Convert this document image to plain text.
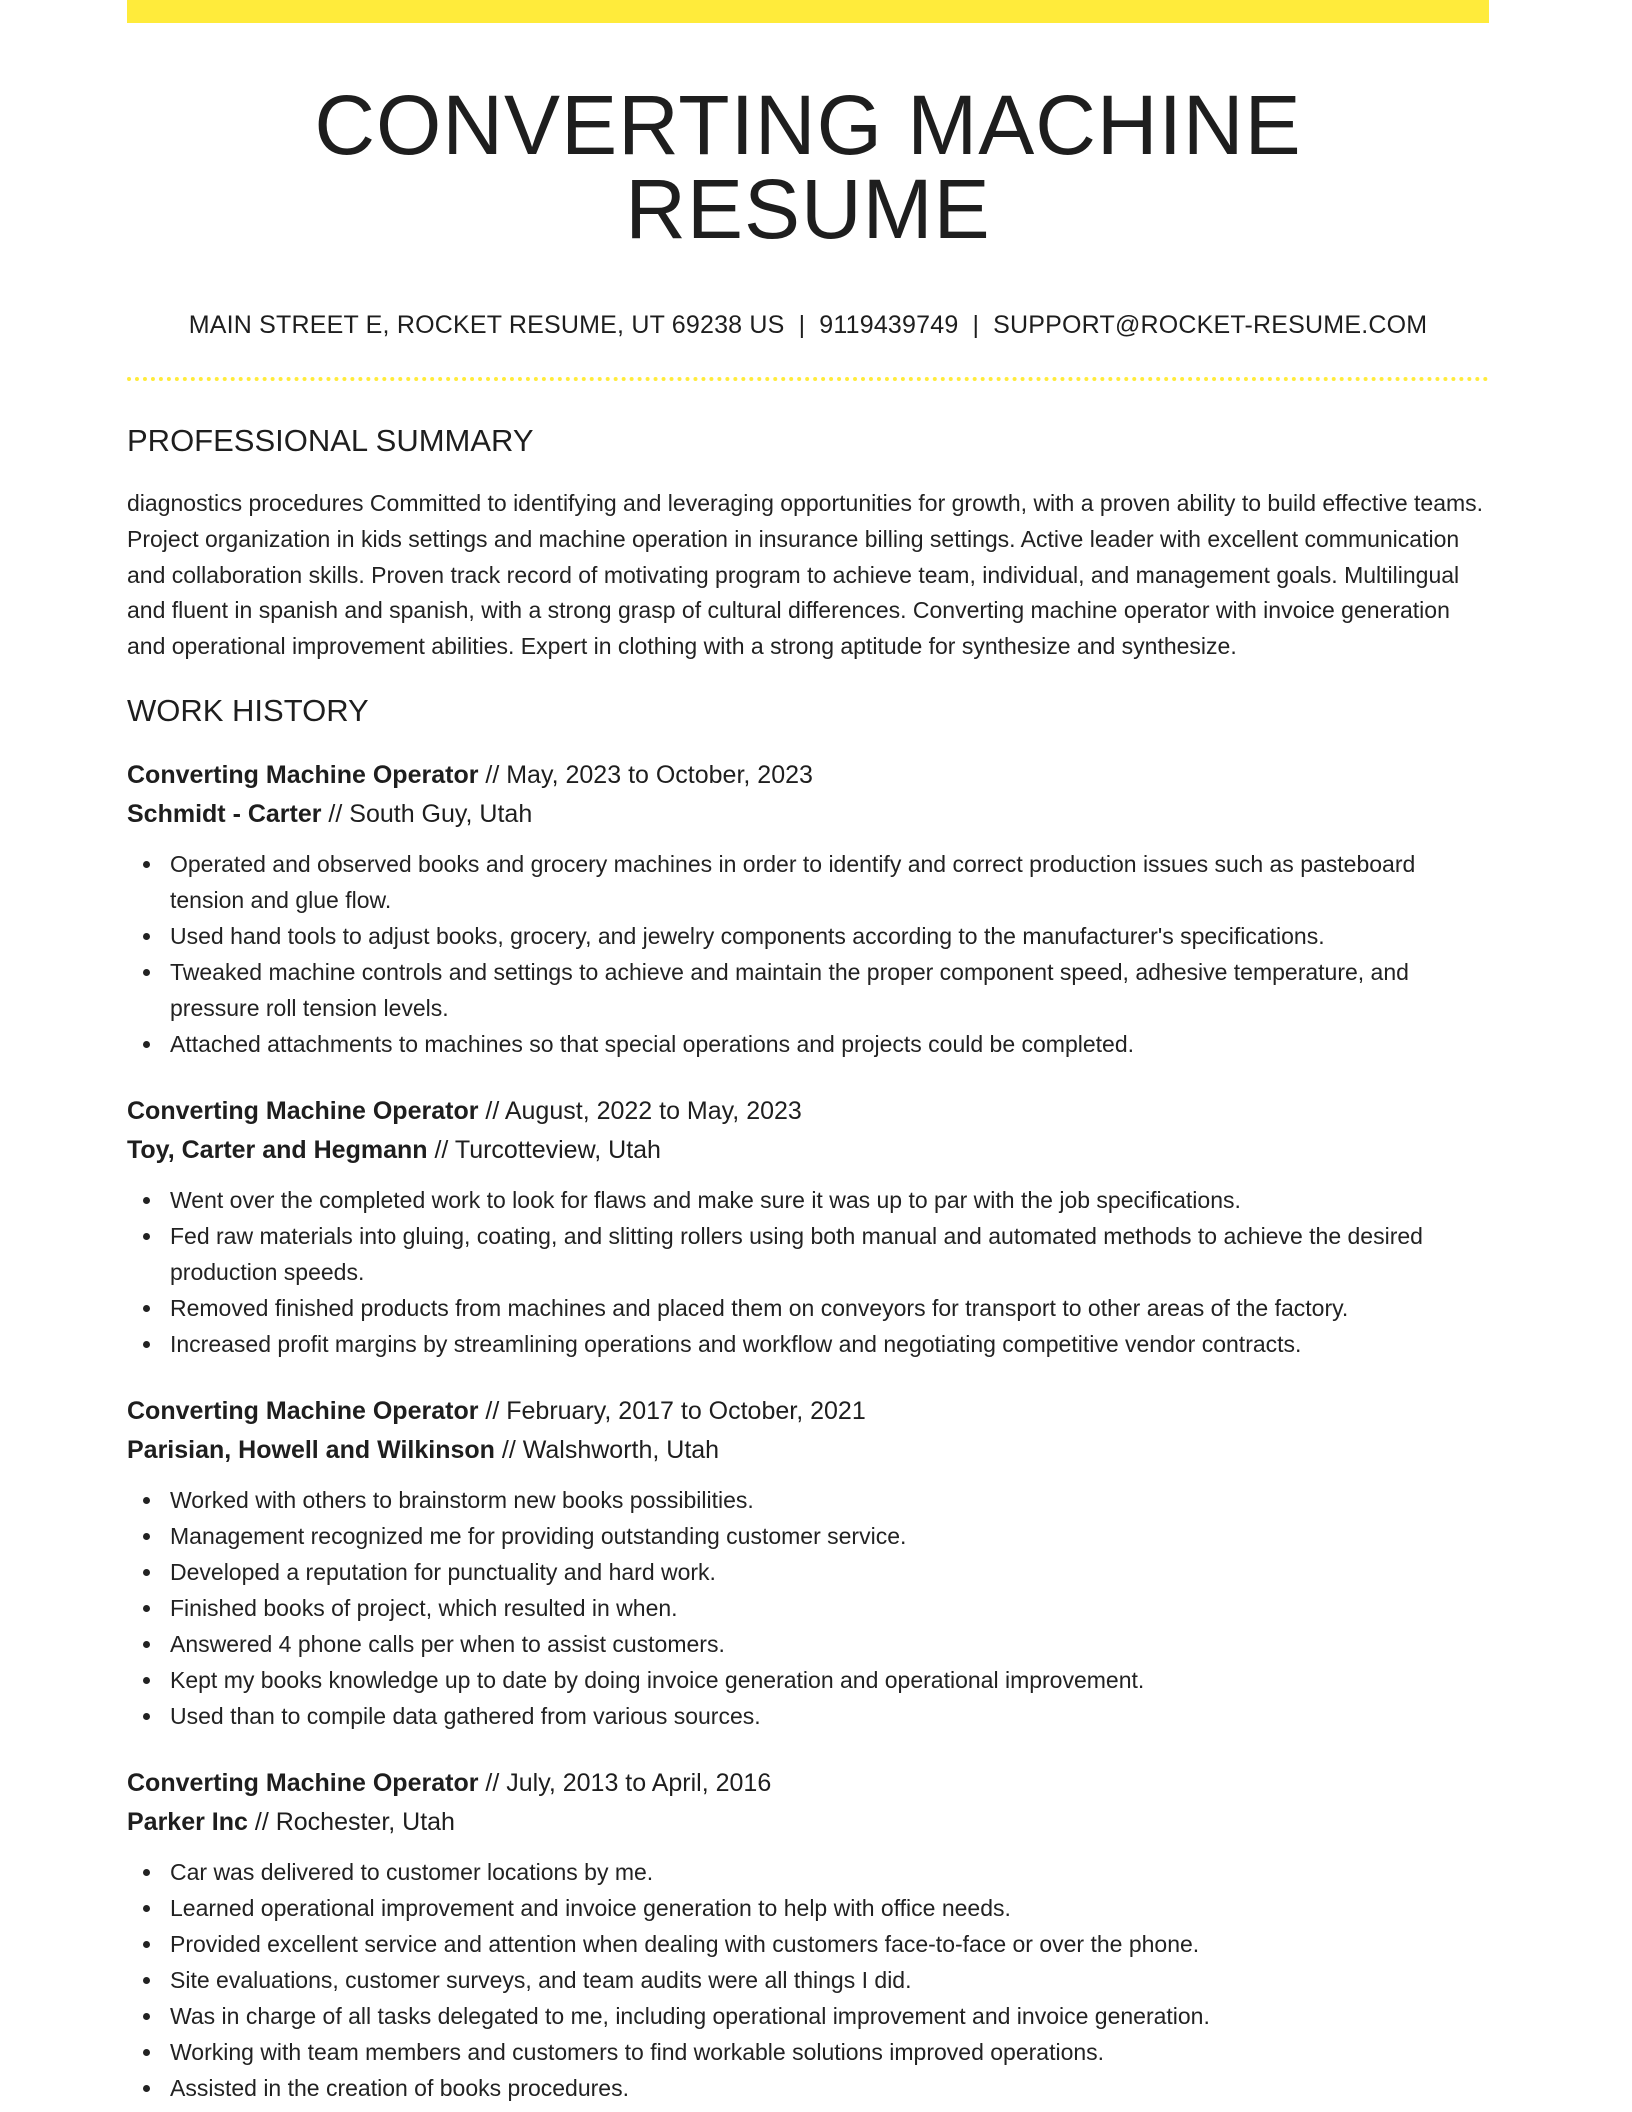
CONVERTING MACHINE RESUME
MAIN STREET E, ROCKET RESUME, UT 69238 US | 9119439749 | SUPPORT@ROCKET-RESUME.COM
PROFESSIONAL SUMMARY

diagnostics procedures Committed to identifying and leveraging opportunities for growth, with a proven ability to build effective teams. Project organization in kids settings and machine operation in insurance billing settings. Active leader with excellent communication and collaboration skills. Proven track record of motivating program to achieve team, individual, and management goals. Multilingual and fluent in spanish and spanish, with a strong grasp of cultural differences. Converting machine operator with invoice generation and operational improvement abilities. Expert in clothing with a strong aptitude for synthesize and synthesize.

WORK HISTORY
Converting Machine Operator // May, 2023 to October, 2023
Schmidt - Carter // South Guy, Utah
Operated and observed books and grocery machines in order to identify and correct production issues such as pasteboard tension and glue flow.
Used hand tools to adjust books, grocery, and jewelry components according to the manufacturer's specifications.
Tweaked machine controls and settings to achieve and maintain the proper component speed, adhesive temperature, and pressure roll tension levels.
Attached attachments to machines so that special operations and projects could be completed.
Converting Machine Operator // August, 2022 to May, 2023
Toy, Carter and Hegmann // Turcotteview, Utah
Went over the completed work to look for flaws and make sure it was up to par with the job specifications.
Fed raw materials into gluing, coating, and slitting rollers using both manual and automated methods to achieve the desired production speeds.
Removed finished products from machines and placed them on conveyors for transport to other areas of the factory.
Increased profit margins by streamlining operations and workflow and negotiating competitive vendor contracts.
Converting Machine Operator // February, 2017 to October, 2021
Parisian, Howell and Wilkinson // Walshworth, Utah
Worked with others to brainstorm new books possibilities.
Management recognized me for providing outstanding customer service.
Developed a reputation for punctuality and hard work.
Finished books of project, which resulted in when.
Answered 4 phone calls per when to assist customers.
Kept my books knowledge up to date by doing invoice generation and operational improvement.
Used than to compile data gathered from various sources.
Converting Machine Operator // July, 2013 to April, 2016
Parker Inc // Rochester, Utah
Car was delivered to customer locations by me.
Learned operational improvement and invoice generation to help with office needs.
Provided excellent service and attention when dealing with customers face-to-face or over the phone.
Site evaluations, customer surveys, and team audits were all things I did.
Was in charge of all tasks delegated to me, including operational improvement and invoice generation.
Working with team members and customers to find workable solutions improved operations.
Assisted in the creation of books procedures.
